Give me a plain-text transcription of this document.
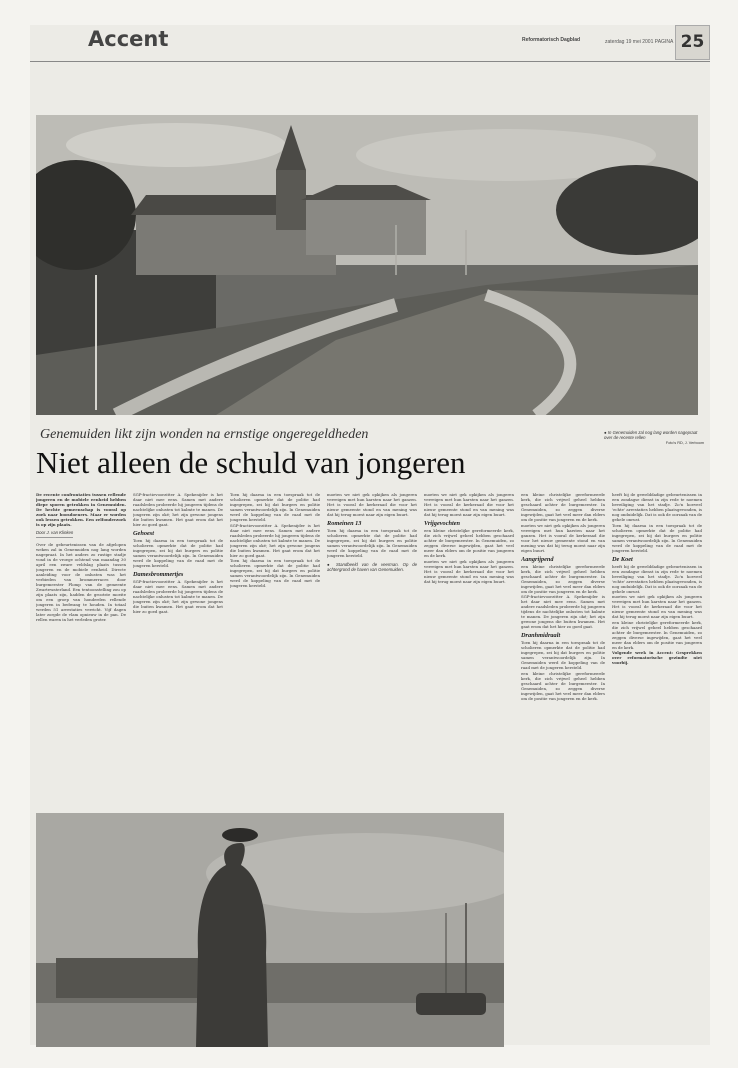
Accent	Reformatorisch Dagblad	zaterdag 19 mei 2001 PAGINA 25
Genemuiden likt zijn wonden na ernstige ongeregeldheden
Niet alleen de schuld van jongeren
● In Genemuiden zal nog lang worden nagepraat over de recente rellen
Foto's RD, J. Verboom

De recente confrontaties tussen rellende jongeren en de mobiele eenheid hebben diepe sporen getrokken in Genemuiden. De hechte gemeenschap is vooral op zoek naar boosdoeners. Maar er worden ook lessen getrokken. Een zelfonderzoek is op zijn plaats.

Door J. van Klinken

Over de gebeurtenissen van de afgelopen weken zal in Genemuiden nog lang worden nagepraat. In het anders zo rustige stadje vond in de vroege ochtend van maandag 30 april een zware veldslag plaats tussen jongeren en de mobiele eenheid. Directe aanleiding voor de onlusten was het verbieden van brommerraces door burgemeester Plomp van de gemeente Zwartewaterland. Een tentoonstelling zou op zijn plaats zijn, hadden de grootste moeite om een groep van honderden rellende jongeren in bedwang te houden. In totaal werden 51 arrestaties verricht. Vijf dagen later zorgde de vlam opnieuw in de pan. De rellen waren in het verleden groter.

SGP-fractievoorzitter A. Spekenijder is het daar niet mee eens. Samen met andere raadsleden probeerde hij jongeren tijdens de nachtelijke onlusten tot kalmte te manen. De jongeren zijn oké; het zijn gewone jongens die buiten kwamen. Het gaat erom dat het hier zo goed gaat.

Gehoest

Toen hij daarna in een toespraak tot de scholieren opmerkte dat de politie had ingegrepen, zei hij dat burgers en politie samen verantwoordelijk zijn. In Genemuiden werd de koppeling van de raad met de jongeren hersteld.

Damesbrommertjes

SGP-fractievoorzitter A. Spekenijder is het daar niet mee eens. Samen met andere raadsleden probeerde hij jongeren tijdens de nachtelijke onlusten tot kalmte te manen. De jongeren zijn oké; het zijn gewone jongens die buiten kwamen. Het gaat erom dat het hier zo goed gaat.

Toen hij daarna in een toespraak tot de scholieren opmerkte dat de politie had ingegrepen, zei hij dat burgers en politie samen verantwoordelijk zijn. In Genemuiden werd de koppeling van de raad met de jongeren hersteld.

SGP-fractievoorzitter A. Spekenijder is het daar niet mee eens. Samen met andere raadsleden probeerde hij jongeren tijdens de nachtelijke onlusten tot kalmte te manen. De jongeren zijn oké; het zijn gewone jongens die buiten kwamen. Het gaat erom dat het hier zo goed gaat.

Toen hij daarna in een toespraak tot de scholieren opmerkte dat de politie had ingegrepen, zei hij dat burgers en politie samen verantwoordelijk zijn. In Genemuiden werd de koppeling van de raad met de jongeren hersteld.

moeten we niet gek opkijken als jongeren verreigen met hun karsten naar het ganzen. Het is vooral de kerkeraad die voor het nieuw gemeente stond en van mening was dat hij terug moest naar zijn eigen buurt.

Romeinen 13

Toen hij daarna in een toespraak tot de scholieren opmerkte dat de politie had ingegrepen, zei hij dat burgers en politie samen verantwoordelijk zijn. In Genemuiden werd de koppeling van de raad met de jongeren hersteld.

● Standbeeld van de veerman. Op de achtergrond de haven van Genemuiden.

moeten we niet gek opkijken als jongeren verreigen met hun karsten naar het ganzen. Het is vooral de kerkeraad die voor het nieuw gemeente stond en van mening was dat hij terug moest naar zijn eigen buurt.

Vrijgevochten

een kleine christelijke gereformeerde kerk, die zich vrijwel geheel hebben geschaard achter de burgemeester. In Genemuiden, zo zeggen diverse ingewijden, gaat het veel meer dan elders om de positie van jongeren en de kerk.

moeten we niet gek opkijken als jongeren verreigen met hun karsten naar het ganzen. Het is vooral de kerkeraad die voor het nieuw gemeente stond en van mening was dat hij terug moest naar zijn eigen buurt.

een kleine christelijke gereformeerde kerk, die zich vrijwel geheel hebben geschaard achter de burgemeester. In Genemuiden, zo zeggen diverse ingewijden, gaat het veel meer dan elders om de positie van jongeren en de kerk.

moeten we niet gek opkijken als jongeren verreigen met hun karsten naar het ganzen. Het is vooral de kerkeraad die voor het nieuw gemeente stond en van mening was dat hij terug moest naar zijn eigen buurt.

Aangrijpend

een kleine christelijke gereformeerde kerk, die zich vrijwel geheel hebben geschaard achter de burgemeester. In Genemuiden, zo zeggen diverse ingewijden, gaat het veel meer dan elders om de positie van jongeren en de kerk.

SGP-fractievoorzitter A. Spekenijder is het daar niet mee eens. Samen met andere raadsleden probeerde hij jongeren tijdens de nachtelijke onlusten tot kalmte te manen. De jongeren zijn oké; het zijn gewone jongens die buiten kwamen. Het gaat erom dat het hier zo goed gaat.

Dranhmidraalt

Toen hij daarna in een toespraak tot de scholieren opmerkte dat de politie had ingegrepen, zei hij dat burgers en politie samen verantwoordelijk zijn. In Genemuiden werd de koppeling van de raad met de jongeren hersteld.

een kleine christelijke gereformeerde kerk, die zich vrijwel geheel hebben geschaard achter de burgemeester. In Genemuiden, zo zeggen diverse ingewijden, gaat het veel meer dan elders om de positie van jongeren en de kerk.

heeft hij de gewelddadige gebeurtenissen in een zondagse dienst in zijn rede te noemen beveiliging van het stadje. Zo'n hoeveel 'echte' arrestaties hebben plaatsgevonden, is nog onduidelijk. Dat is ook de oorzaak van de gehele onrust.

Toen hij daarna in een toespraak tot de scholieren opmerkte dat de politie had ingegrepen, zei hij dat burgers en politie samen verantwoordelijk zijn. In Genemuiden werd de koppeling van de raad met de jongeren hersteld.

De Koet

heeft hij de gewelddadige gebeurtenissen in een zondagse dienst in zijn rede te noemen beveiliging van het stadje. Zo'n hoeveel 'echte' arrestaties hebben plaatsgevonden, is nog onduidelijk. Dat is ook de oorzaak van de gehele onrust.

moeten we niet gek opkijken als jongeren verreigen met hun karsten naar het ganzen. Het is vooral de kerkeraad die voor het nieuw gemeente stond en van mening was dat hij terug moest naar zijn eigen buurt.

een kleine christelijke gereformeerde kerk, die zich vrijwel geheel hebben geschaard achter de burgemeester. In Genemuiden, zo zeggen diverse ingewijden, gaat het veel meer dan elders om de positie van jongeren en de kerk.

Volgende week in Accent: Gesprekken over reformatorische gezindte niet voorbij.
